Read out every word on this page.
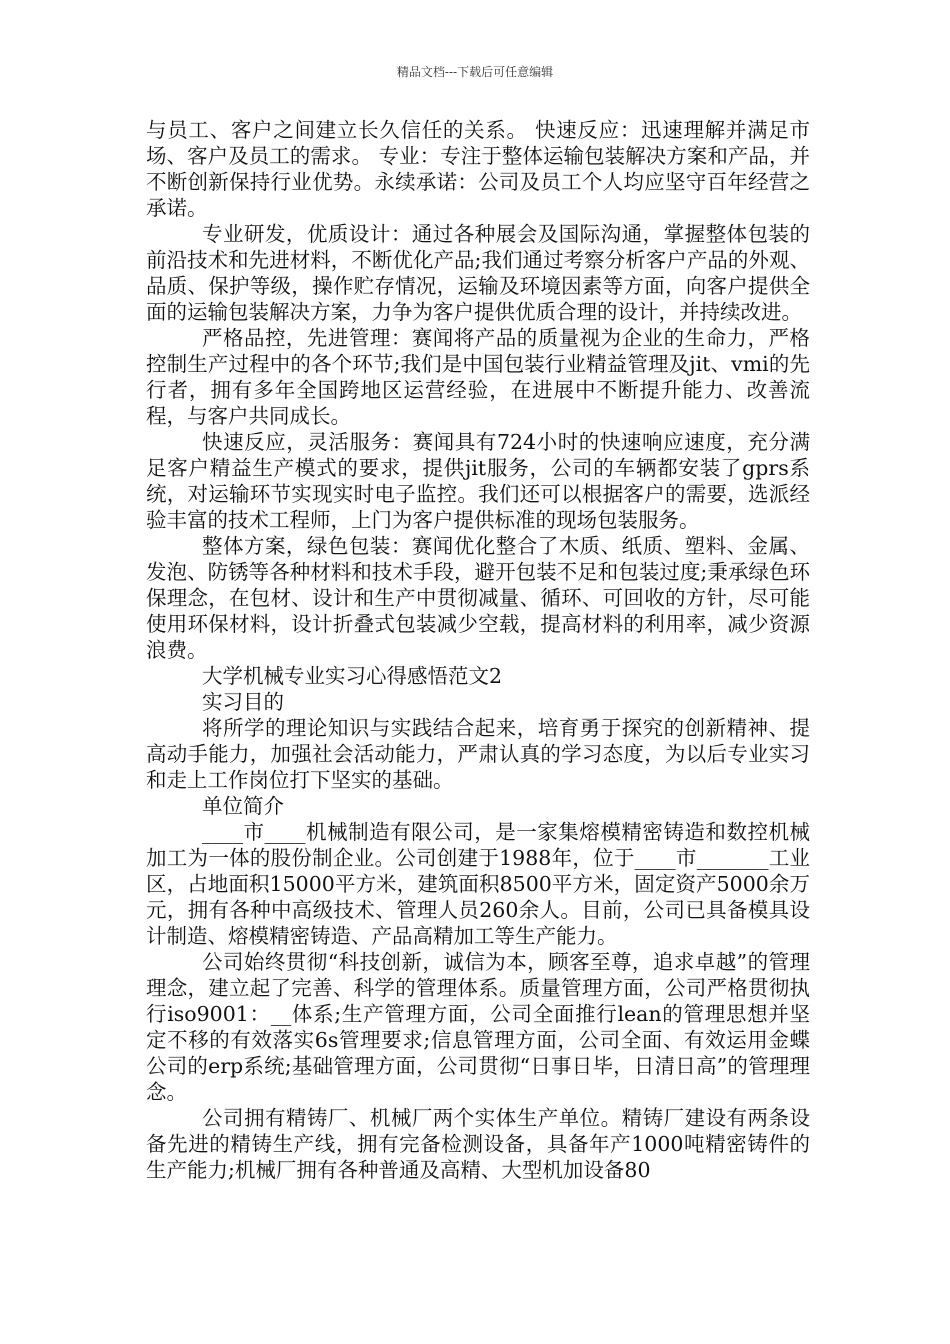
精品文档---下载后可任意编辑

与员工、客户之间建立长久信任的关系。 快速反应：迅速理解并满足市场、客户及员工的需求。 专业：专注于整体运输包装解决方案和产品，并不断创新保持行业优势。永续承诺：公司及员工个人均应坚守百年经营之承诺。

专业研发，优质设计：通过各种展会及国际沟通，掌握整体包装的前沿技术和先进材料，不断优化产品;我们通过考察分析客户产品的外观、品质、保护等级，操作贮存情况，运输及环境因素等方面，向客户提供全面的运输包装解决方案，力争为客户提供优质合理的设计，并持续改进。

严格品控，先进管理：赛闻将产品的质量视为企业的生命力，严格控制生产过程中的各个环节;我们是中国包装行业精益管理及jit、vmi的先行者，拥有多年全国跨地区运营经验，在进展中不断提升能力、改善流程，与客户共同成长。

快速反应，灵活服务：赛闻具有724小时的快速响应速度，充分满足客户精益生产模式的要求，提供jit服务，公司的车辆都安装了gprs系统，对运输环节实现实时电子监控。我们还可以根据客户的需要，选派经验丰富的技术工程师，上门为客户提供标准的现场包装服务。

整体方案，绿色包装：赛闻优化整合了木质、纸质、塑料、金属、发泡、防锈等各种材料和技术手段，避开包装不足和包装过度;秉承绿色环保理念，在包材、设计和生产中贯彻减量、循环、可回收的方针，尽可能使用环保材料，设计折叠式包装减少空载，提高材料的利用率，减少资源浪费。

大学机械专业实习心得感悟范文2

实习目的

将所学的理论知识与实践结合起来，培育勇于探究的创新精神、提高动手能力，加强社会活动能力，严肃认真的学习态度，为以后专业实习和走上工作岗位打下坚实的基础。

单位简介

____市____机械制造有限公司，是一家集熔模精密铸造和数控机械加工为一体的股份制企业。公司创建于1988年，位于____市_______工业区，占地面积15000平方米，建筑面积8500平方米，固定资产5000余万元，拥有各种中高级技术、管理人员260余人。目前，公司已具备模具设计制造、熔模精密铸造、产品高精加工等生产能力。

公司始终贯彻“科技创新，诚信为本，顾客至尊，追求卓越”的管理理念，建立起了完善、科学的管理体系。质量管理方面，公司严格贯彻执行iso9001：__体系;生产管理方面，公司全面推行lean的管理思想并坚定不移的有效落实6s管理要求;信息管理方面，公司全面、有效运用金蝶公司的erp系统;基础管理方面，公司贯彻“日事日毕，日清日高”的管理理念。

公司拥有精铸厂、机械厂两个实体生产单位。精铸厂建设有两条设备先进的精铸生产线，拥有完备检测设备，具备年产1000吨精密铸件的生产能力;机械厂拥有各种普通及高精、大型机加设备80
